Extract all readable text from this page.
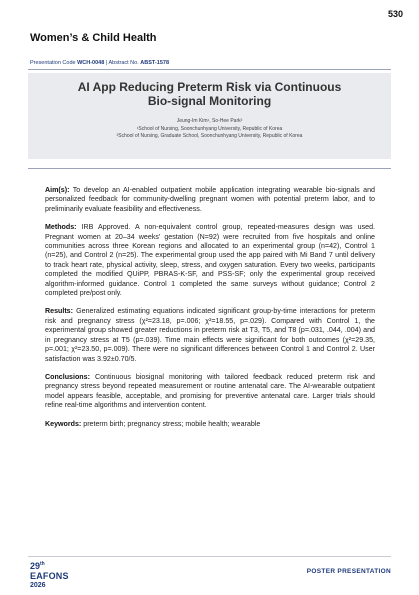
530
Women’s & Child Health
Presentation Code WCH-0048 | Abstract No. ABST-1578
AI App Reducing Preterm Risk via Continuous
Bio-signal Monitoring
Jeung-Im Kim¹, So-Hee Park²
¹School of Nursing, Soonchunhyang University, Republic of Korea
²School of Nursing, Graduate School, Soonchunhyang University, Republic of Korea

Aim(s): To develop an AI-enabled outpatient mobile application integrating wearable bio-signals and personalized feedback for community-dwelling pregnant women with potential preterm labor, and to preliminarily evaluate feasibility and effectiveness.

Methods: IRB Approved. A non-equivalent control group, repeated-measures design was used. Pregnant women at 20–34 weeks’ gestation (N=92) were recruited from five hospitals and online communities across three Korean regions and allocated to an experimental group (n=42), Control 1 (n=25), and Control 2 (n=25). The experimental group used the app paired with Mi Band 7 until delivery to track heart rate, physical activity, sleep, stress, and oxygen saturation. Every two weeks, participants completed the modified QUiPP, PBRAS-K-SF, and PSS-SF; only the experimental group received algorithm-informed guidance. Control 1 completed the same surveys without guidance; Control 2 completed pre/post only.

Results: Generalized estimating equations indicated significant group-by-time interactions for preterm risk and pregnancy stress (χ²=23.18, p=.006; χ²=18.55, p=.029). Compared with Control 1, the experimental group showed greater reductions in preterm risk at T3, T5, and T8 (p=.031, .044, .004) and in pregnancy stress at T5 (p=.039). Time main effects were significant for both outcomes (χ²=29.35, p=.001; χ²=23.50, p=.009). There were no significant differences between Control 1 and Control 2. User satisfaction was 3.92±0.70/5.

Conclusions: Continuous biosignal monitoring with tailored feedback reduced preterm risk and pregnancy stress beyond repeated measurement or routine antenatal care. The AI-wearable outpatient model appears feasible, acceptable, and promising for preventive antenatal care. Larger trials should refine real-time algorithms and intervention content.

Keywords: preterm birth; pregnancy stress; mobile health; wearable

29th
EAFONS
2026
POSTER PRESENTATION
